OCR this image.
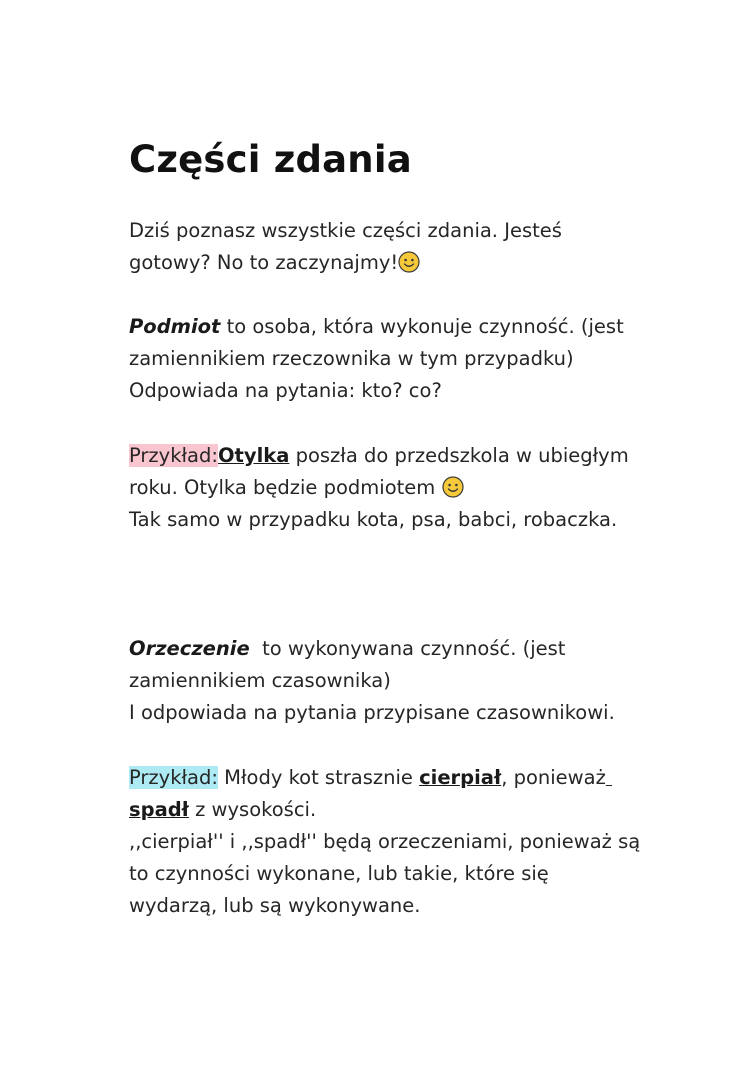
Części zdania
Dziś poznasz wszystkie części zdania. Jesteś
gotowy? No to zaczynajmy!
Podmiot to osoba, która wykonuje czynność. (jest
zamiennikiem rzeczownika w tym przypadku)
Odpowiada na pytania: kto? co?
Przykład:Otylka poszła do przedszkola w ubiegłym
roku. Otylka będzie podmiotem
Tak samo w przypadku kota, psa, babci, robaczka.
Orzeczenie  to wykonywana czynność. (jest
zamiennikiem czasownika)
I odpowiada na pytania przypisane czasownikowi.
Przykład: Młody kot strasznie cierpiał, ponieważ
spadł z wysokości.
,,cierpiał'' i ,,spadł'' będą orzeczeniami, ponieważ są
to czynności wykonane, lub takie, które się
wydarzą, lub są wykonywane.
